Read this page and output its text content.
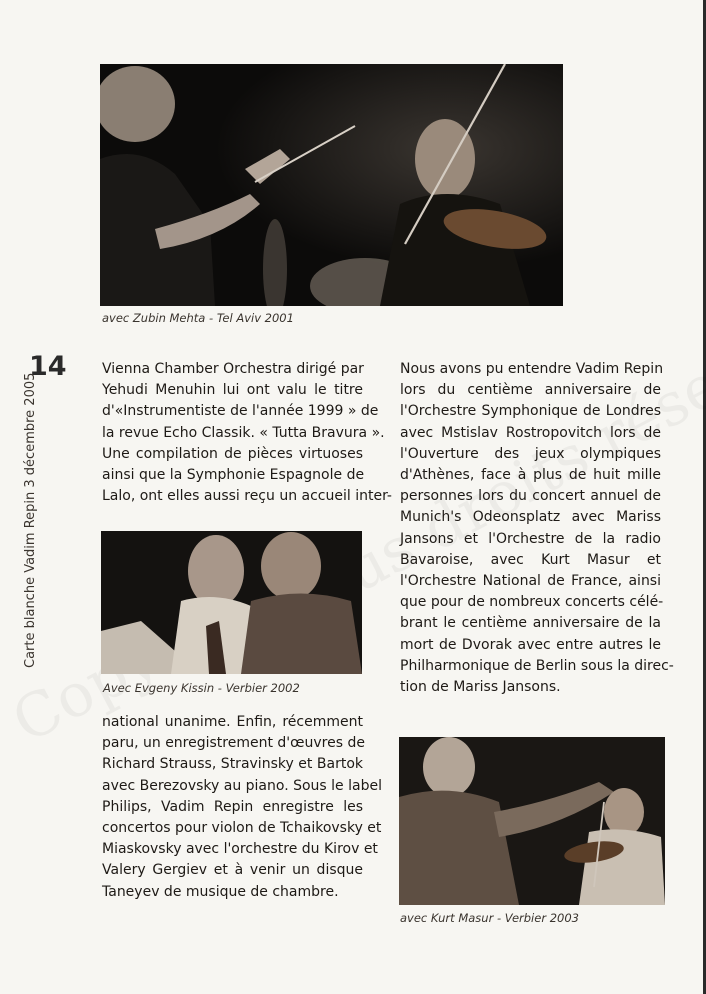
avec Zubin Mehta - Tel Aviv 2001
14
Carte blanche Vadim Repin 3 décembre 2005

Vienna Chamber Orchestra dirigé par

Yehudi Menuhin lui ont valu le titre

d'«Instrumentiste de l'année 1999 » de

la revue Echo Classik. « Tutta Bravura ».

Une compilation de pièces virtuoses

ainsi que la Symphonie Espagnole de

Lalo, ont elles aussi reçu un accueil inter-

Avec Evgeny Kissin - Verbier 2002

national unanime. Enfin, récemment

paru, un enregistrement d'œuvres de

Richard Strauss, Stravinsky et Bartok

avec Berezovsky au piano. Sous le label

Philips, Vadim Repin enregistre les

concertos pour violon de Tchaikovsky et

Miaskovsky avec l'orchestre du Kirov et

Valery Gergiev et à venir un disque

Taneyev de musique de chambre.

Nous avons pu entendre Vadim Repin

lors du centième anniversaire de

l'Orchestre Symphonique de Londres

avec Mstislav Rostropovitch lors de

l'Ouverture des jeux olympiques

d'Athènes, face à plus de huit mille

personnes lors du concert annuel de

Munich's Odeonsplatz avec Mariss

Jansons et l'Orchestre de la radio

Bavaroise, avec Kurt Masur et

l'Orchestre National de France, ainsi

que pour de nombreux concerts célé-

brant le centième anniversaire de la

mort de Dvorak avec entre autres le

Philharmonique de Berlin sous la direc-

tion de Mariss Jansons.

avec Kurt Masur - Verbier 2003
